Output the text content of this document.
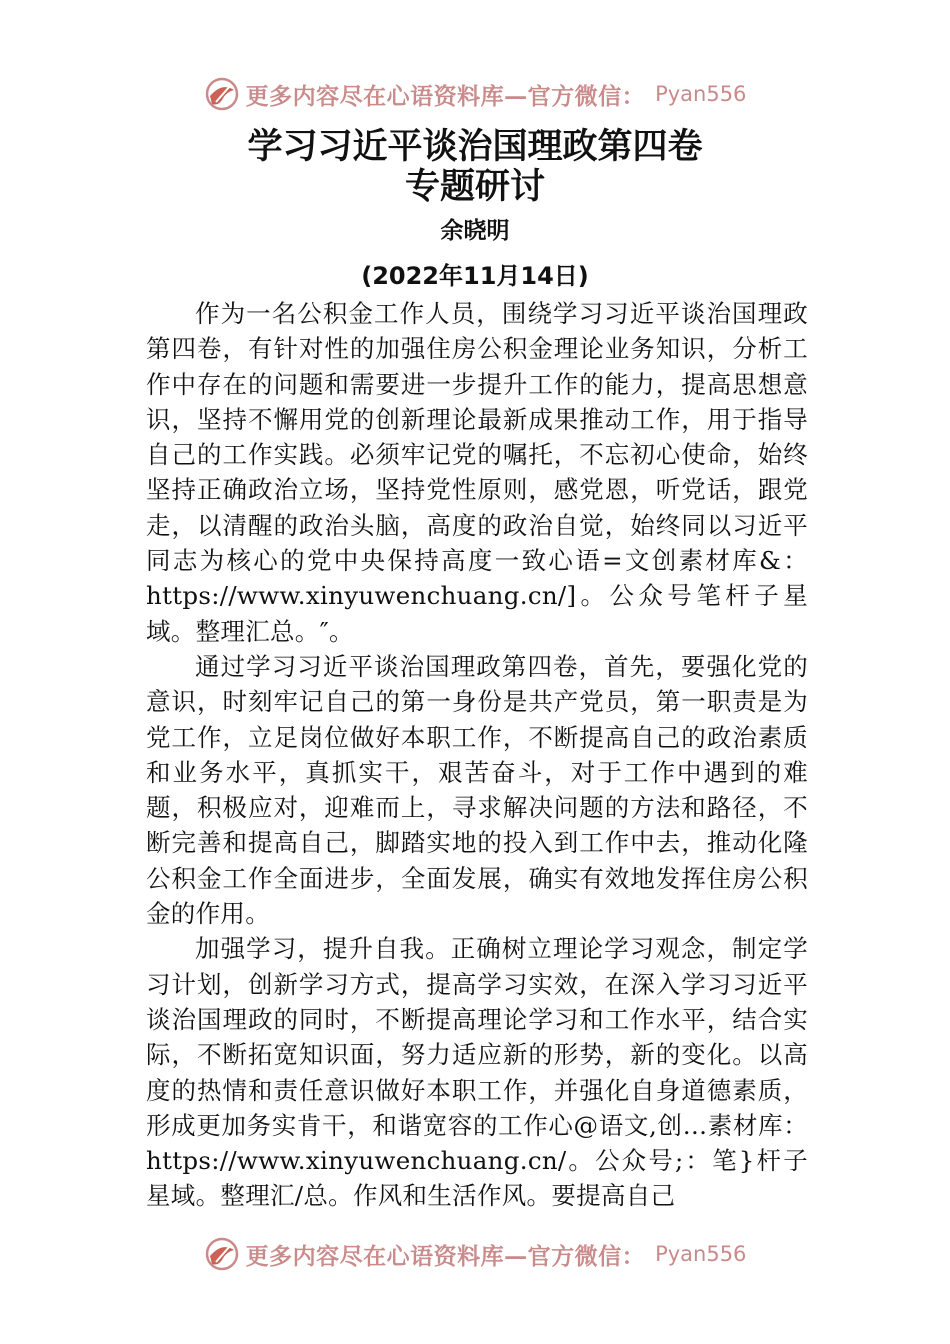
更多内容尽在心语资料库—官方微信： Pyan556
学习习近平谈治国理政第四卷
专题研讨
余晓明
(2022年11月14日)

作为一名公积金工作人员，围绕学习习近平谈治国理政第四卷，有针对性的加强住房公积金理论业务知识，分析工作中存在的问题和需要进一步提升工作的能力，提高思想意识，坚持不懈用党的创新理论最新成果推动工作，用于指导自己的工作实践。必须牢记党的嘱托，不忘初心使命，始终坚持正确政治立场，坚持党性原则，感党恩，听党话，跟党走，以清醒的政治头脑，高度的政治自觉，始终同以习近平同志为核心的党中央保持高度一致心语=文创素材库&：https://www.xinyuwenchuang.cn/]。公众号笔杆子星域。整理汇总。″。

通过学习习近平谈治国理政第四卷，首先，要强化党的意识，时刻牢记自己的第一身份是共产党员，第一职责是为党工作，立足岗位做好本职工作，不断提高自己的政治素质和业务水平，真抓实干，艰苦奋斗，对于工作中遇到的难题，积极应对，迎难而上，寻求解决问题的方法和路径，不断完善和提高自己，脚踏实地的投入到工作中去，推动化隆公积金工作全面进步，全面发展，确实有效地发挥住房公积金的作用。

加强学习，提升自我。正确树立理论学习观念，制定学习计划，创新学习方式，提高学习实效，在深入学习习近平谈治国理政的同时，不断提高理论学习和工作水平，结合实际，不断拓宽知识面，努力适应新的形势，新的变化。以高度的热情和责任意识做好本职工作，并强化自身道德素质， 形成更加务实肯干，和谐宽容的工作心@语文,创…素材库：https://www.xinyuwenchuang.cn/。公众号;：笔}杆子星域。整理汇/总。作风和生活作风。要提高自己

更多内容尽在心语资料库—官方微信： Pyan556
